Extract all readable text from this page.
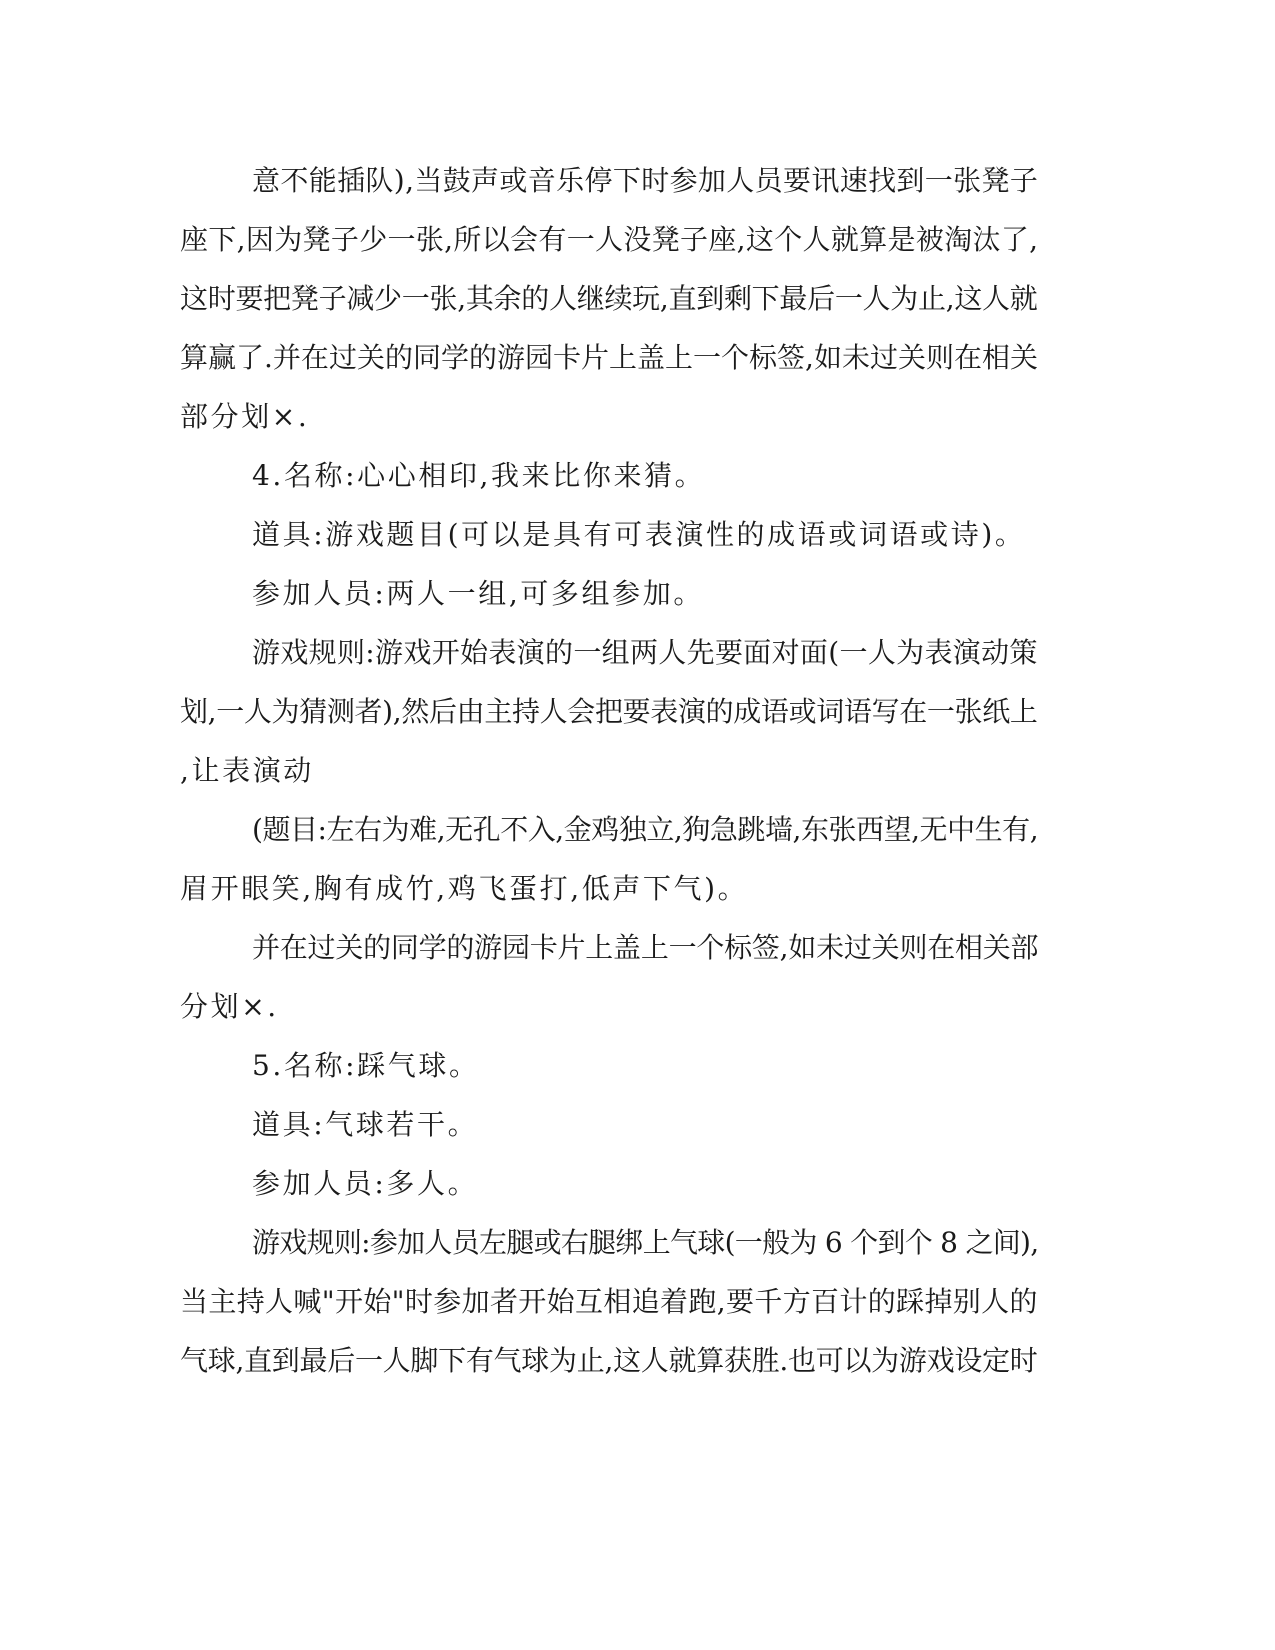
意不能插队),当鼓声或音乐停下时参加人员要讯速找到一张凳子
座下,因为凳子少一张,所以会有一人没凳子座,这个人就算是被淘汰了,
这时要把凳子减少一张,其余的人继续玩,直到剩下最后一人为止,这人就
算赢了.并在过关的同学的游园卡片上盖上一个标签,如未过关则在相关
部分划×.
4.名称:心心相印,我来比你来猜。
道具:游戏题目(可以是具有可表演性的成语或词语或诗)。
参加人员:两人一组,可多组参加。
游戏规则:游戏开始表演的一组两人先要面对面(一人为表演动策
划,一人为猜测者),然后由主持人会把要表演的成语或词语写在一张纸上
,让表演动
(题目:左右为难,无孔不入,金鸡独立,狗急跳墙,东张西望,无中生有,
眉开眼笑,胸有成竹,鸡飞蛋打,低声下气)。
并在过关的同学的游园卡片上盖上一个标签,如未过关则在相关部
分划×.
5.名称:踩气球。
道具:气球若干。
参加人员:多人。
游戏规则:参加人员左腿或右腿绑上气球(一般为 6 个到个 8 之间),
当主持人喊"开始"时参加者开始互相追着跑,要千方百计的踩掉别人的
气球,直到最后一人脚下有气球为止,这人就算获胜.也可以为游戏设定时
